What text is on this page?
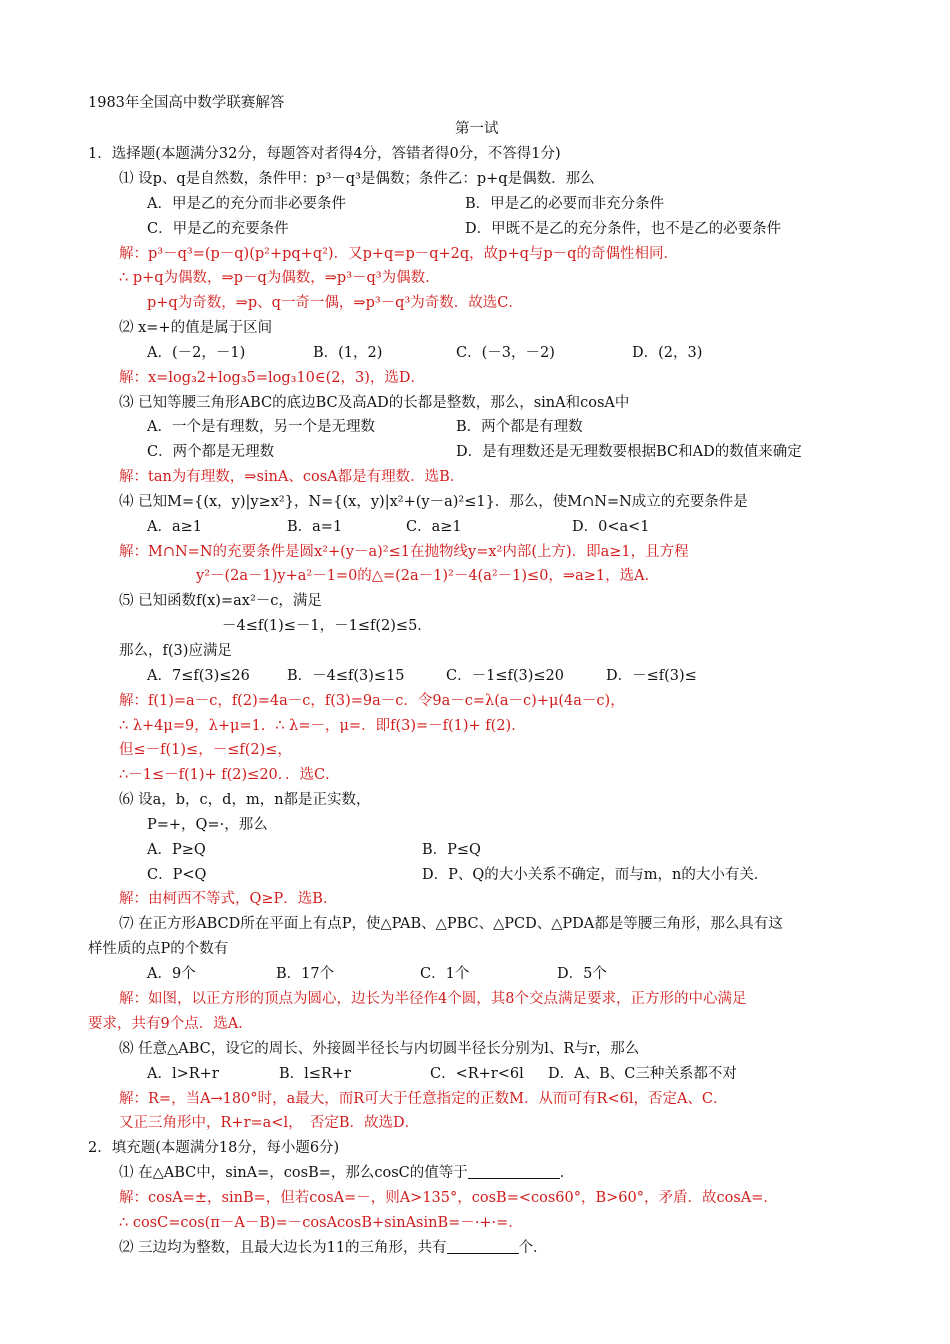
1983年全国高中数学联赛解答
第一试
1．选择题(本题满分32分，每题答对者得4分，答错者得0分，不答得1分)
⑴ 设p、q是自然数，条件甲：p³－q³是偶数；条件乙：p+q是偶数．那么
A．甲是乙的充分而非必要条件	B．甲是乙的必要而非充分条件
C．甲是乙的充要条件	D．甲既不是乙的充分条件，也不是乙的必要条件
解：p³－q³=(p－q)(p²+pq+q²)．又p+q=p－q+2q，故p+q与p－q的奇偶性相同．
∴ p+q为偶数，⇒p－q为偶数，⇒p³－q³为偶数．
p+q为奇数，⇒p、q一奇一偶，⇒p³－q³为奇数．故选C．
⑵ x=+的值是属于区间
A．(－2，－1)	B．(1，2)	C．(－3，－2)	D．(2，3)
解：x=log₃2+log₃5=log₃10∈(2，3)，选D．
⑶ 已知等腰三角形ABC的底边BC及高AD的长都是整数，那么，sinA和cosA中
A．一个是有理数，另一个是无理数	B．两个都是有理数
C．两个都是无理数	D．是有理数还是无理数要根据BC和AD的数值来确定
解：tan为有理数，⇒sinA、cosA都是有理数．选B．
⑷ 已知M={(x，y)|y≥x²}，N={(x，y)|x²+(y－a)²≤1}．那么，使M∩N=N成立的充要条件是
A．a≥1	B．a=1	C．a≥1	D．0<a<1
解：M∩N=N的充要条件是圆x²+(y－a)²≤1在抛物线y=x²内部(上方)．即a≥1，且方程
y²－(2a－1)y+a²－1=0的△=(2a－1)²－4(a²－1)≤0，⇒a≥1，选A．
⑸ 已知函数f(x)=ax²－c，满足
－4≤f(1)≤－1，－1≤f(2)≤5．
那么，f(3)应满足
A．7≤f(3)≤26	B．－4≤f(3)≤15	C．－1≤f(3)≤20	D．－≤f(3)≤
解：f(1)=a－c，f(2)=4a－c，f(3)=9a－c．令9a－c=λ(a－c)+μ(4a－c)，
∴ λ+4μ=9，λ+μ=1．∴ λ=－，μ=．即f(3)=－f(1)+ f(2)．
但≤－f(1)≤，－≤f(2)≤，
∴－1≤－f(1)+ f(2)≤20．．选C．
⑹ 设a，b，c，d，m，n都是正实数，
P=+，Q=·，那么
A．P≥Q	B．P≤Q
C．P<Q	D．P、Q的大小关系不确定，而与m，n的大小有关．
解：由柯西不等式，Q≥P．选B．
⑺ 在正方形ABCD所在平面上有点P，使△PAB、△PBC、△PCD、△PDA都是等腰三角形，那么具有这
样性质的点P的个数有
A．9个	B．17个	C．1个	D．5个
解：如图，以正方形的顶点为圆心，边长为半径作4个圆，其8个交点满足要求，正方形的中心满足
要求，共有9个点．选A．
⑻ 任意△ABC，设它的周长、外接圆半径长与内切圆半径长分别为l、R与r，那么
A．l>R+r	B．l≤R+r	C．<R+r<6l D．A、B、C三种关系都不对
解：R=，当A→180°时，a最大，而R可大于任意指定的正数M．从而可有R<6l，否定A、C．
又正三角形中，R+r=a<l，　否定B．故选D．
2．填充题(本题满分18分，每小题6分)
⑴ 在△ABC中，sinA=，cosB=，那么cosC的值等于	．
解：cosA=±，sinB=，但若cosA=－，则A>135°，cosB=<cos60°，B>60°，矛盾．故cosA=．
∴ cosC=cos(π－A－B)=－cosAcosB+sinAsinB=－·+·=．
⑵ 三边均为整数，且最大边长为11的三角形，共有	个．
